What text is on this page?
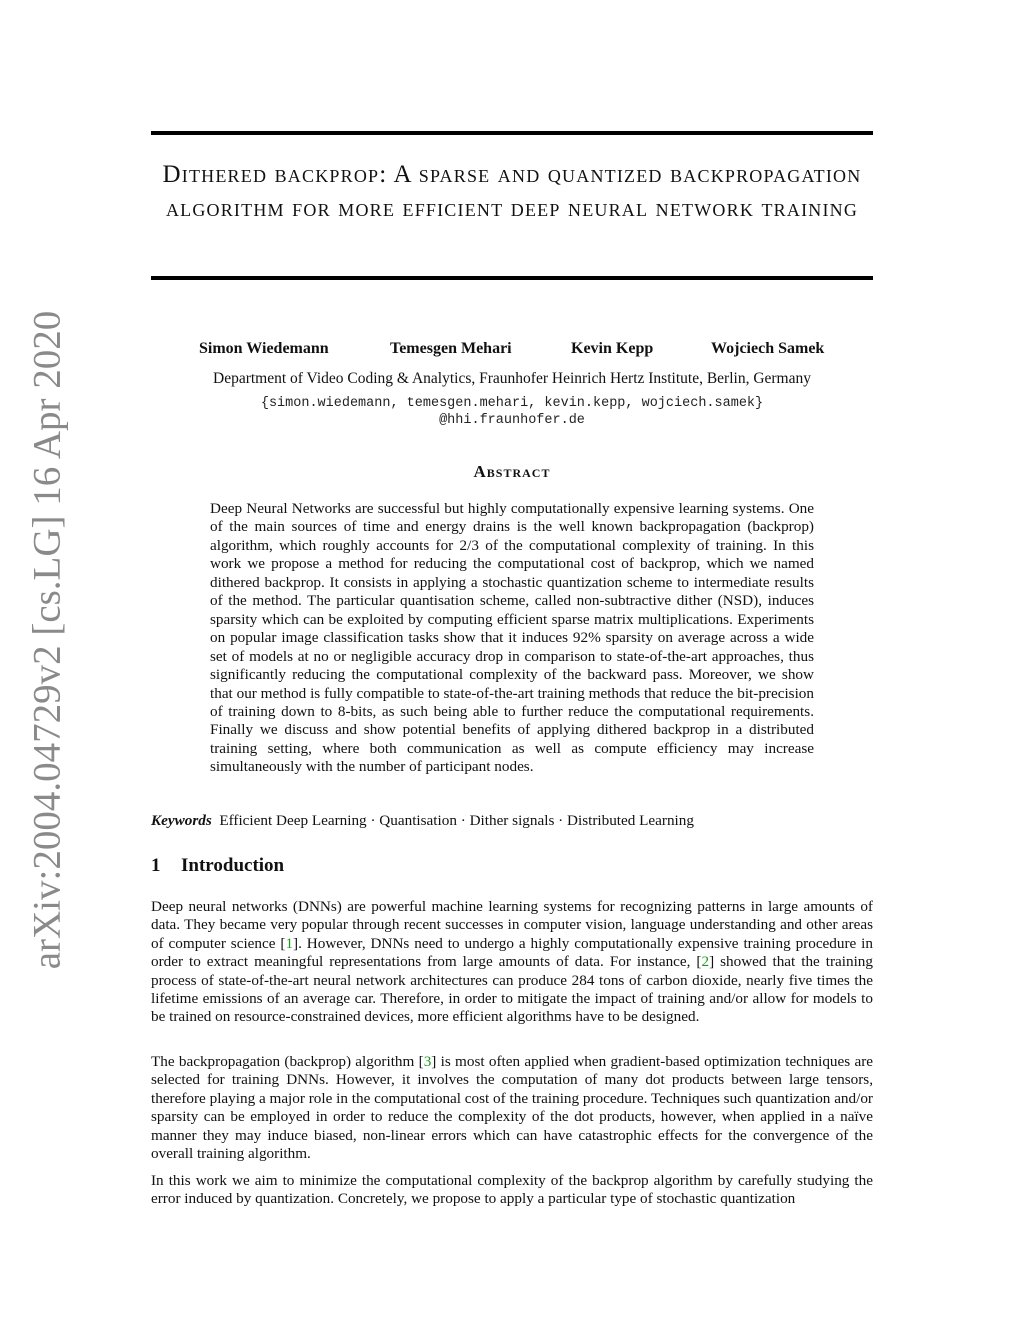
arXiv:2004.04729v2 [cs.LG] 16 Apr 2020
Dithered backprop: A sparse and quantized backpropagation algorithm for more efficient deep neural network training
Simon Wiedemann	Temesgen Mehari	Kevin Kepp	Wojciech Samek
Department of Video Coding & Analytics, Fraunhofer Heinrich Hertz Institute, Berlin, Germany
{simon.wiedemann, temesgen.mehari, kevin.kepp, wojciech.samek}
@hhi.fraunhofer.de
Abstract

Deep Neural Networks are successful but highly computationally expensive learning systems. One of the main sources of time and energy drains is the well known backpropagation (backprop) algorithm, which roughly accounts for 2/3 of the computational complexity of training. In this work we propose a method for reducing the computational cost of backprop, which we named dithered backprop. It consists in applying a stochastic quantization scheme to intermediate results of the method. The particular quantisation scheme, called non-subtractive dither (NSD), induces sparsity which can be exploited by computing efficient sparse matrix multiplications. Experiments on popular image classification tasks show that it induces 92% sparsity on average across a wide set of models at no or negligible accuracy drop in comparison to state-of-the-art approaches, thus significantly reducing the computational complexity of the backward pass. Moreover, we show that our method is fully compatible to state-of-the-art training methods that reduce the bit-precision of training down to 8-bits, as such being able to further reduce the computational requirements. Finally we discuss and show potential benefits of applying dithered backprop in a distributed training setting, where both communication as well as compute efficiency may increase simultaneously with the number of participant nodes.

Keywords Efficient Deep Learning · Quantisation · Dither signals · Distributed Learning
1 Introduction

Deep neural networks (DNNs) are powerful machine learning systems for recognizing patterns in large amounts of data. They became very popular through recent successes in computer vision, language understanding and other areas of computer science [1]. However, DNNs need to undergo a highly computationally expensive training procedure in order to extract meaningful representations from large amounts of data. For instance, [2] showed that the training process of state-of-the-art neural network architectures can produce 284 tons of carbon dioxide, nearly five times the lifetime emissions of an average car. Therefore, in order to mitigate the impact of training and/or allow for models to be trained on resource-constrained devices, more efficient algorithms have to be designed.

The backpropagation (backprop) algorithm [3] is most often applied when gradient-based optimization techniques are selected for training DNNs. However, it involves the computation of many dot products between large tensors, therefore playing a major role in the computational cost of the training procedure. Techniques such quantization and/or sparsity can be employed in order to reduce the complexity of the dot products, however, when applied in a naïve manner they may induce biased, non-linear errors which can have catastrophic effects for the convergence of the overall training algorithm.

In this work we aim to minimize the computational complexity of the backprop algorithm by carefully studying the error induced by quantization. Concretely, we propose to apply a particular type of stochastic quantization
